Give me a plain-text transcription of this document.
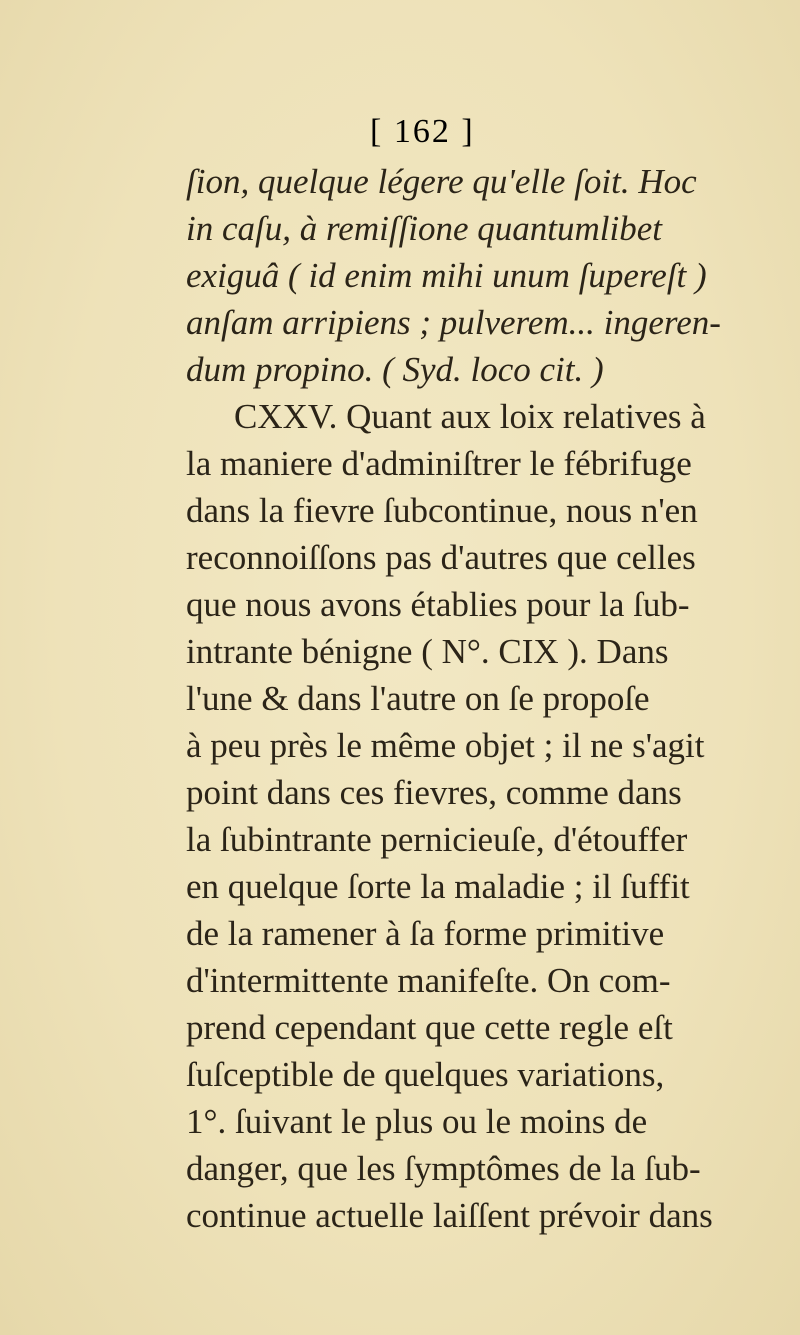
[ 162 ]
ſion, quelque légere qu'elle ſoit. Hoc
in caſu, à remiſſione quantumlibet
exiguâ ( id enim mihi unum ſupereſt )
anſam arripiens ; pulverem... ingeren-
dum propino. ( Syd. loco cit. )
CXXV. Quant aux loix relatives à
la maniere d'adminiſtrer le fébrifuge
dans la fievre ſubcontinue, nous n'en
reconnoiſſons pas d'autres que celles
que nous avons établies pour la ſub-
intrante bénigne ( N°. CIX ). Dans
l'une & dans l'autre on ſe propoſe
à peu près le même objet ; il ne s'agit
point dans ces fievres, comme dans
la ſubintrante pernicieuſe, d'étouffer
en quelque ſorte la maladie ; il ſuffit
de la ramener à ſa forme primitive
d'intermittente manifeſte. On com-
prend cependant que cette regle eſt
ſuſceptible de quelques variations,
1°. ſuivant le plus ou le moins de
danger, que les ſymptômes de la ſub-
continue actuelle laiſſent prévoir dans
